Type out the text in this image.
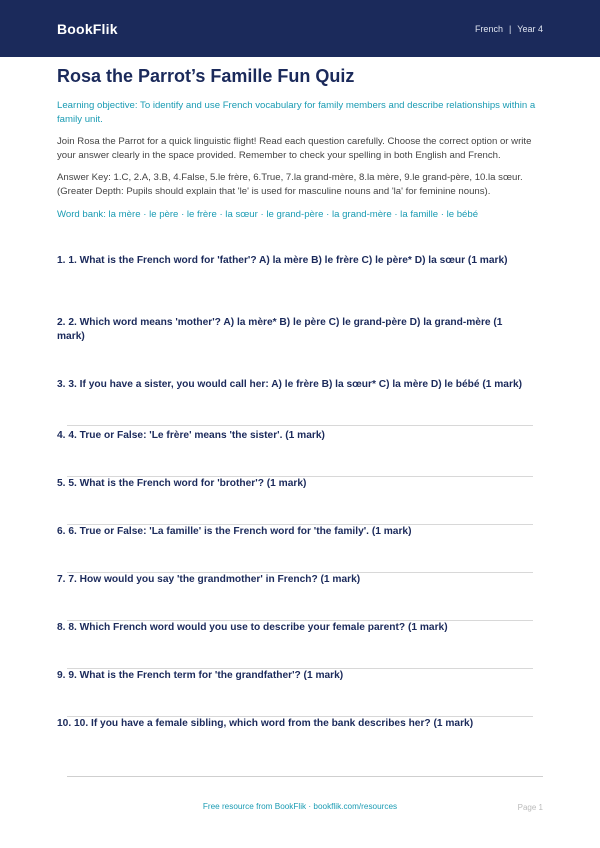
BookFlik	French | Year 4
Rosa the Parrot’s Famille Fun Quiz
Learning objective: To identify and use French vocabulary for family members and describe relationships within a family unit.
Join Rosa the Parrot for a quick linguistic flight! Read each question carefully. Choose the correct option or write your answer clearly in the space provided. Remember to check your spelling in both English and French.
Answer Key: 1.C, 2.A, 3.B, 4.False, 5.le frère, 6.True, 7.la grand-mère, 8.la mère, 9.le grand-père, 10.la sœur. (Greater Depth: Pupils should explain that 'le' is used for masculine nouns and 'la' for feminine nouns).
Word bank: la mère · le père · le frère · la sœur · le grand-père · la grand-mère · la famille · le bébé
1. 1. What is the French word for 'father'? A) la mère B) le frère C) le père* D) la sœur (1 mark)
2. 2. Which word means 'mother'? A) la mère* B) le père C) le grand-père D) la grand-mère (1 mark)
3. 3. If you have a sister, you would call her: A) le frère B) la sœur* C) la mère D) le bébé (1 mark)
4. 4. True or False: 'Le frère' means 'the sister'. (1 mark)
5. 5. What is the French word for 'brother'? (1 mark)
6. 6. True or False: 'La famille' is the French word for 'the family'. (1 mark)
7. 7. How would you say 'the grandmother' in French? (1 mark)
8. 8. Which French word would you use to describe your female parent? (1 mark)
9. 9. What is the French term for 'the grandfather'? (1 mark)
10. 10. If you have a female sibling, which word from the bank describes her? (1 mark)
Free resource from BookFlik · bookflik.com/resources	Page 1
